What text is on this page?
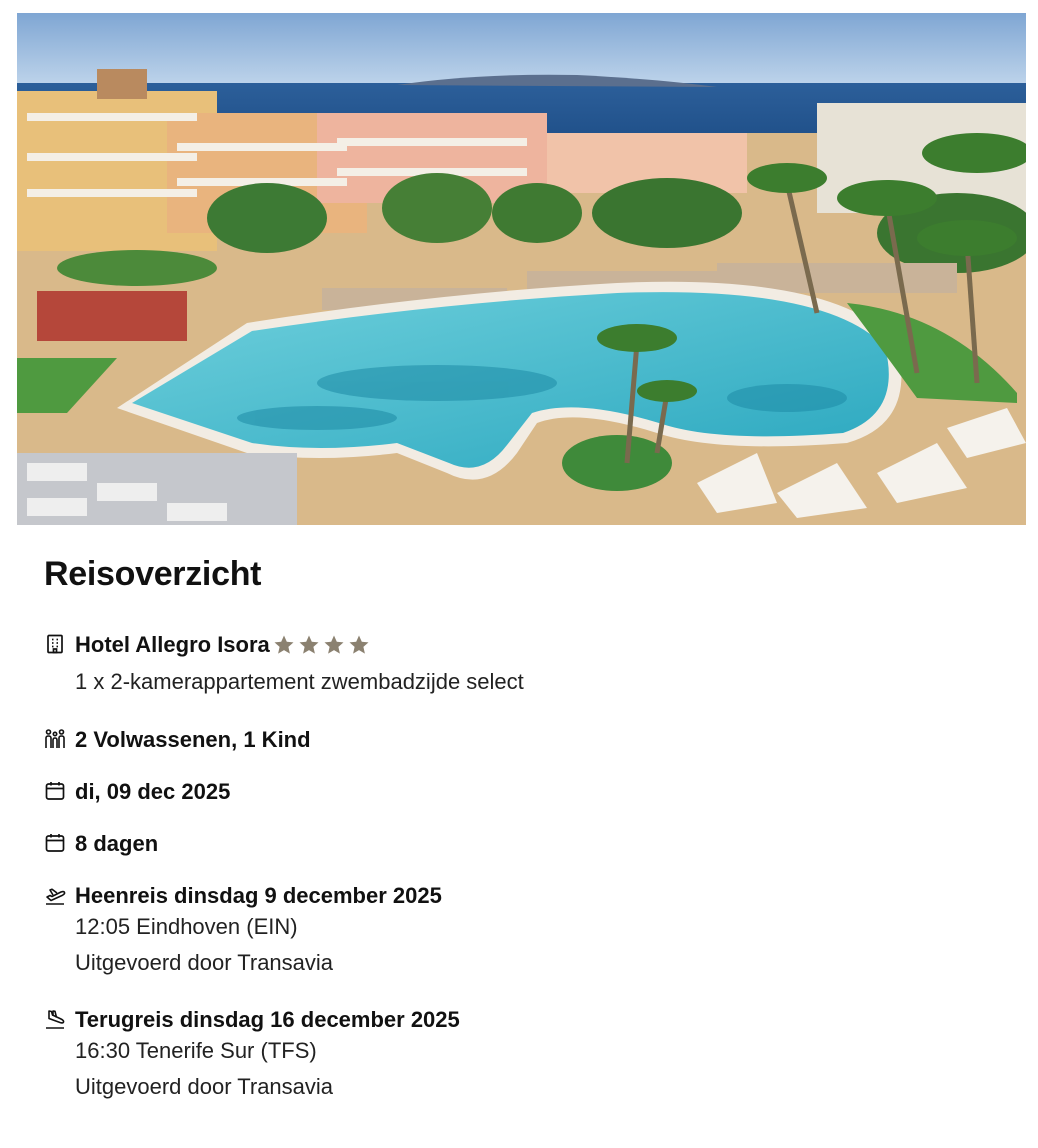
Reisoverzicht
Hotel Allegro Isora
1 x 2-kamerappartement zwembadzijde select
2 Volwassenen, 1 Kind
di, 09 dec 2025
8 dagen
Heenreis dinsdag 9 december 2025
12:05 Eindhoven (EIN)
Uitgevoerd door Transavia
Terugreis dinsdag 16 december 2025
16:30 Tenerife Sur (TFS)
Uitgevoerd door Transavia
